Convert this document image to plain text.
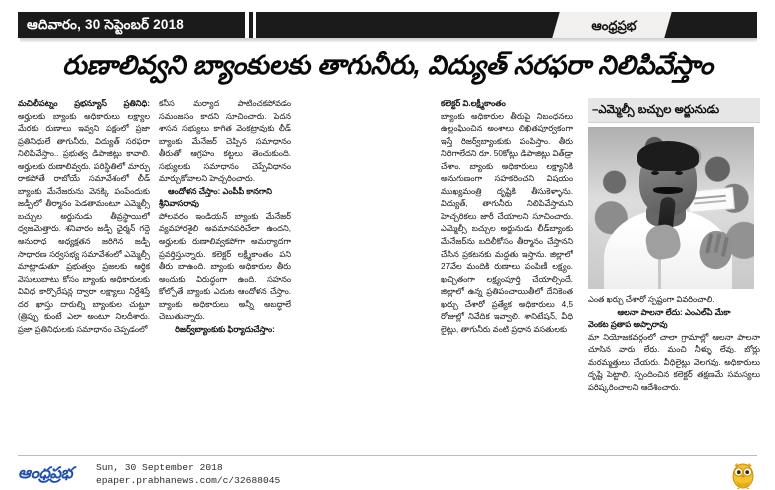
ఆదివారం, 30 సెప్టెంబర్ 2018	ఆంధ్రప్రభ
రుణాలివ్వని బ్యాంకులకు తాగునీరు, విద్యుత్ సరఫరా నిలిపివేస్తాం

మచిలీపట్నం ప్రభన్యూస్ ప్రతినిధి: అర్హులకు బ్యాంకు అధికారులు లక్ష్యాల మేరకు రుణాలు ఇవ్వని పక్షంలో ప్రజా ప్రతినిధులే తాగునీరు, విద్యుత్ సరఫరా నిలిపివేస్తాం.. ప్రభుత్వ డిపాజిట్లు కావాలి. అర్హులకు రుణాలివ్వరు. పరిస్థితిలో మార్పు రాకపోతే రాబోయే సమావేశంలో లీడ్ బ్యాంకు మేనేజరును వెనక్కి పంపేందుకు జడ్పీలో తీర్మానం పెడతామంటూ ఎమ్మెల్సీ బచ్చుల అర్జునుడు తీవ్రస్థాయిలో ధ్వజమెత్తారు. శనివారం జడ్పీ ఛైర్మన్ గద్దె అనురాధ అధ్యక్షతన జరిగిన జడ్పీ సాధారణ సర్వసభ్య సమావేశంలో ఎమ్మెల్సీ మాట్లాడుతూ ప్రభుత్వం ప్రజలకు ఆర్థిక వెసులుబాటు కోసం బ్యాంకు అధికారులకు వివిధ కార్పొరేషన్ల ద్వారా లక్ష్యాలు నిర్దేశిస్తే దర ఖాస్తు దారుల్ని బ్యాంకుల చుట్టూ (త్రిప్పు కుంటే ఎలా అంటూ నిలదీశారు. ప్రజా ప్రతినిధులకు సమాధానం చెప్పడంలో

కనీస మర్యాద పాటించకపోవడం సమంజసం కాదని సూచించారు. పెదన శాసన సభ్యులు కాగిత వెంకట్రావుకు లీడ్ బ్యాంకు మేనేజర్ చెప్పిన సమాధానం తీరుతో ఆగ్రహం కట్టలు తెంచుకుంది. సభ్యులకు సమాధానం చెప్పేవిధానం మార్చుకోవాలని హెచ్చరించారు.

ఆందోళన చేస్తాం: ఎంపీపీ కానగాని

శ్రీనివాసరావు

పోలవరం ఇండియన్ బ్యాంకు మేనేజర్ వ్యవహారశైలి అవమానపరిచేలా ఉందని, అర్హులకు రుణాలివ్వకపోగా అమర్యాదగా ప్రవర్తిస్తున్నారు. కలెక్టర్ లక్ష్మీకాంతం పని తీరు బాఉంది. బ్యాంకు అధికారుల తీరు అందుకు విరుద్ధంగా ఉంది. సహనం కోల్పోతే బ్యాంకు ఎదుట ఆందోళన చేస్తాం. బ్యాంకు అధికారులు అన్నీ అబద్ధాలే చెబుతున్నారు.

రిజర్వ్‌బ్యాంకుకు ఫిర్యాదుచేస్తాం:

కలెక్టర్ వి.లక్ష్మీకాంతం

బ్యాంకు అధికారుల తీరుపై నిబంధనలు ఉల్లంఘించిన అంశాలు లిఖితపూర్వకంగా ఇస్తే రిజర్వ్‌బ్యాంకుకు పంపిస్తాం. తీరు నిరిగాలేదని రూ. 50కోట్లు డిపాజిట్లు విత్‌డ్రా చేశాం. బ్యాంకు అధికారులు లక్ష్యానికి అనుగుణంగా సహకరించని విషయం ముఖ్యమంత్రి దృష్టికి తీసుకెళ్ళాను. విద్యుత్, తాగునీరు నిలిపివేస్తామని హెచ్చరికలు జారీ చేయాలని సూచించారు. ఎమ్మెల్సీ బచ్చుల అర్జునుడు లీడ్‌బ్యాంకు మేనేజర్‌ను బదిలీకోసం తీర్మానం చేస్తానని చేసిన ప్రకటనకు మద్దతు ఇస్తాను. జిల్లాలో 27వేల మందికి రుణాలు పంపిణీ లక్ష్యం. ఖచ్చితంగా లక్ష్యంపూర్తి చేయాల్సిందే. జిల్లాలో ఉన్న ప్రతిపంచాయితీలో దేనికెంత ఖర్చు చేశారో ప్రత్యేక అధికారులు 4,5 రోజుల్లో నివేదిక ఇవ్వాలి. శానిటేషన్, వీధి లైట్లు, తాగునీరు వంటి ప్రధాన వసతులకు

–ఎమ్మెల్సీ బచ్చుల అర్జునుడు

ఎంత ఖర్చు చేశారో స్పష్టంగా వివరించాలి.

ఆలనా పాలనా లేదు: ఎంఎల్ఏ మేకా

వెంకట ప్రతాప అప్పారావు

మా నియోజకవర్గంలో చాలా గ్రామాల్లో ఆలనా పాలనా చూసిన వారు లేరు. మంచి నీళ్ళు లేవు. బోర్లు మరమ్మత్తులు చేయరు. వీధిలైట్లు వెలగవు. అధికారులు దృష్టి పెట్టాలి. స్పందించిన కలెక్టర్ తక్షణమే సమస్యలు పరిష్కరించాలని ఆదేశించారు.

ఆంధ్రప్రభ Sun, 30 September 2018
epaper.prabhanews.com/c/32688045
